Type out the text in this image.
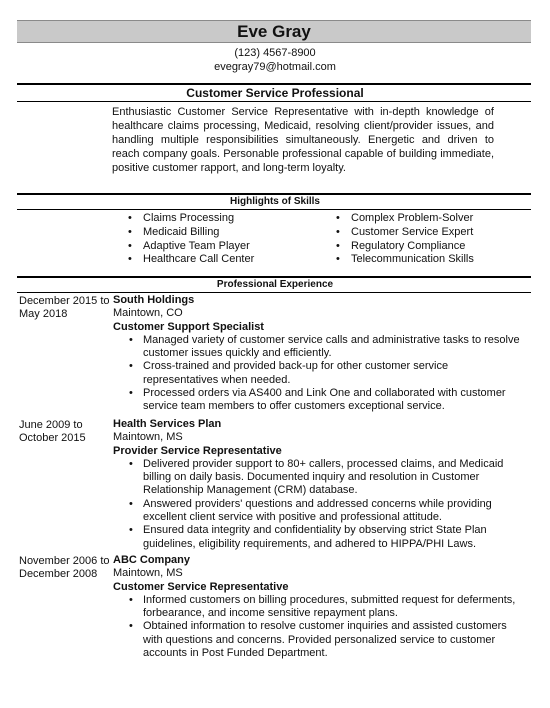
Eve Gray
(123) 4567-8900
evegray79@hotmail.com
Customer Service Professional
Enthusiastic Customer Service Representative with in-depth knowledge of healthcare claims processing, Medicaid, resolving client/provider issues, and handling multiple responsibilities simultaneously. Energetic and driven to reach company goals. Personable professional capable of building immediate, positive customer rapport, and long-term loyalty.
Highlights of Skills
• Claims Processing
• Medicaid Billing
• Adaptive Team Player
• Healthcare Call Center
• Complex Problem-Solver
• Customer Service Expert
• Regulatory Compliance
• Telecommunication Skills
Professional Experience
December 2015 to
May 2018
South Holdings
Maintown, CO
Customer Support Specialist
• Managed variety of customer service calls and administrative tasks to resolve customer issues quickly and efficiently.
• Cross-trained and provided back-up for other customer service representatives when needed.
• Processed orders via AS400 and Link One and collaborated with customer service team members to offer customers exceptional service.
June 2009 to
October 2015
Health Services Plan
Maintown, MS
Provider Service Representative
• Delivered provider support to 80+ callers, processed claims, and Medicaid billing on daily basis. Documented inquiry and resolution in Customer Relationship Management (CRM) database.
• Answered providers' questions and addressed concerns while providing excellent client service with positive and professional attitude.
• Ensured data integrity and confidentiality by observing strict State Plan guidelines, eligibility requirements, and adhered to HIPPA/PHI Laws.
November 2006 to
December 2008
ABC Company
Maintown, MS
Customer Service Representative
• Informed customers on billing procedures, submitted request for deferments, forbearance, and income sensitive repayment plans.
• Obtained information to resolve customer inquiries and assisted customers with questions and concerns. Provided personalized service to customer accounts in Post Funded Department.
